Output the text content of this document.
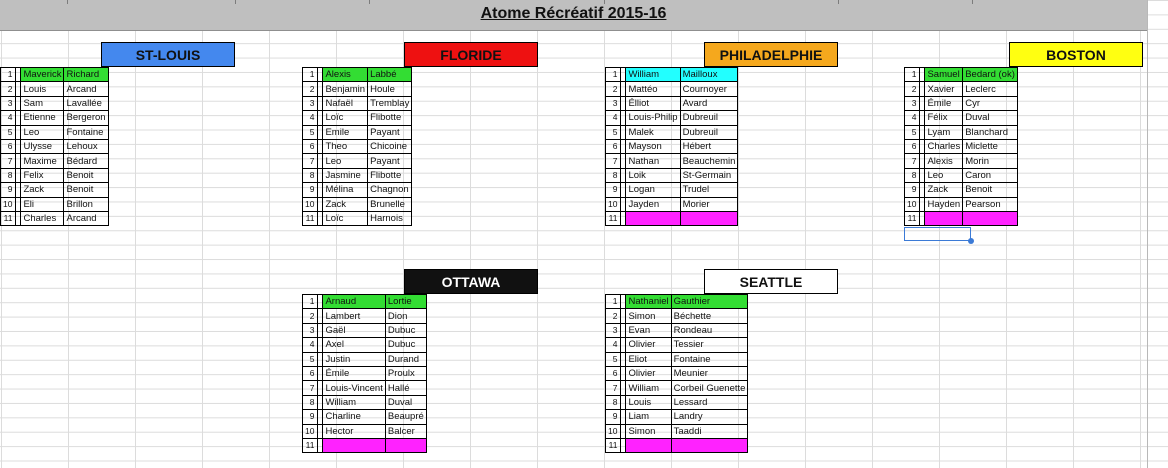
Atome Récréatif 2015-16
ST-LOUIS
1		Maverick	Richard
2		Louis	Arcand
3		Sam	Lavallée
4		Etienne	Bergeron
5		Leo	Fontaine
6		Ulysse	Lehoux
7		Maxime	Bédard
8		Felix	Benoit
9		Zack	Benoit
10		Eli	Brillon
11		Charles	Arcand
FLORIDE
1		Alexis	Labbé
2		Benjamin	Houle
3		Nafaël	Tremblay
4		Loïc	Flibotte
5		Emile	Payant
6		Theo	Chicoine
7		Leo	Payant
8		Jasmine	Flibotte
9		Mélina	Chagnon
10		Zack	Brunelle
11		Loïc	Harnois
PHILADELPHIE
1		William	Mailloux
2		Mattéo	Cournoyer
3		Élliot	Avard
4		Louis-Philip	Dubreuil
5		Malek	Dubreuil
6		Mayson	Hébert
7		Nathan	Beauchemin
8		Loik	St-Germain
9		Logan	Trudel
10		Jayden	Morier
11			
BOSTON
1		Samuel	Bedard (ok)
2		Xavier	Leclerc
3		Émile	Cyr
4		Félix	Duval
5		Lyam	Blanchard
6		Charles	Miclette
7		Alexis	Morin
8		Leo	Caron
9		Zack	Benoit
10		Hayden	Pearson
11			
OTTAWA
1		Arnaud	Lortie
2		Lambert	Dion
3		Gaël	Dubuc
4		Axel	Dubuc
5		Justin	Durand
6		Émile	Proulx
7		Louis-Vincent	Hallé
8		William	Duval
9		Charline	Beaupré
10		Hector	Balcer
11			
SEATTLE
1		Nathaniel	Gauthier
2		Simon	Béchette
3		Evan	Rondeau
4		Olivier	Tessier
5		Eliot	Fontaine
6		Olivier	Meunier
7		William	Corbeil Guenette
8		Louis	Lessard
9		Liam	Landry
10		Simon	Taaddi
11			
